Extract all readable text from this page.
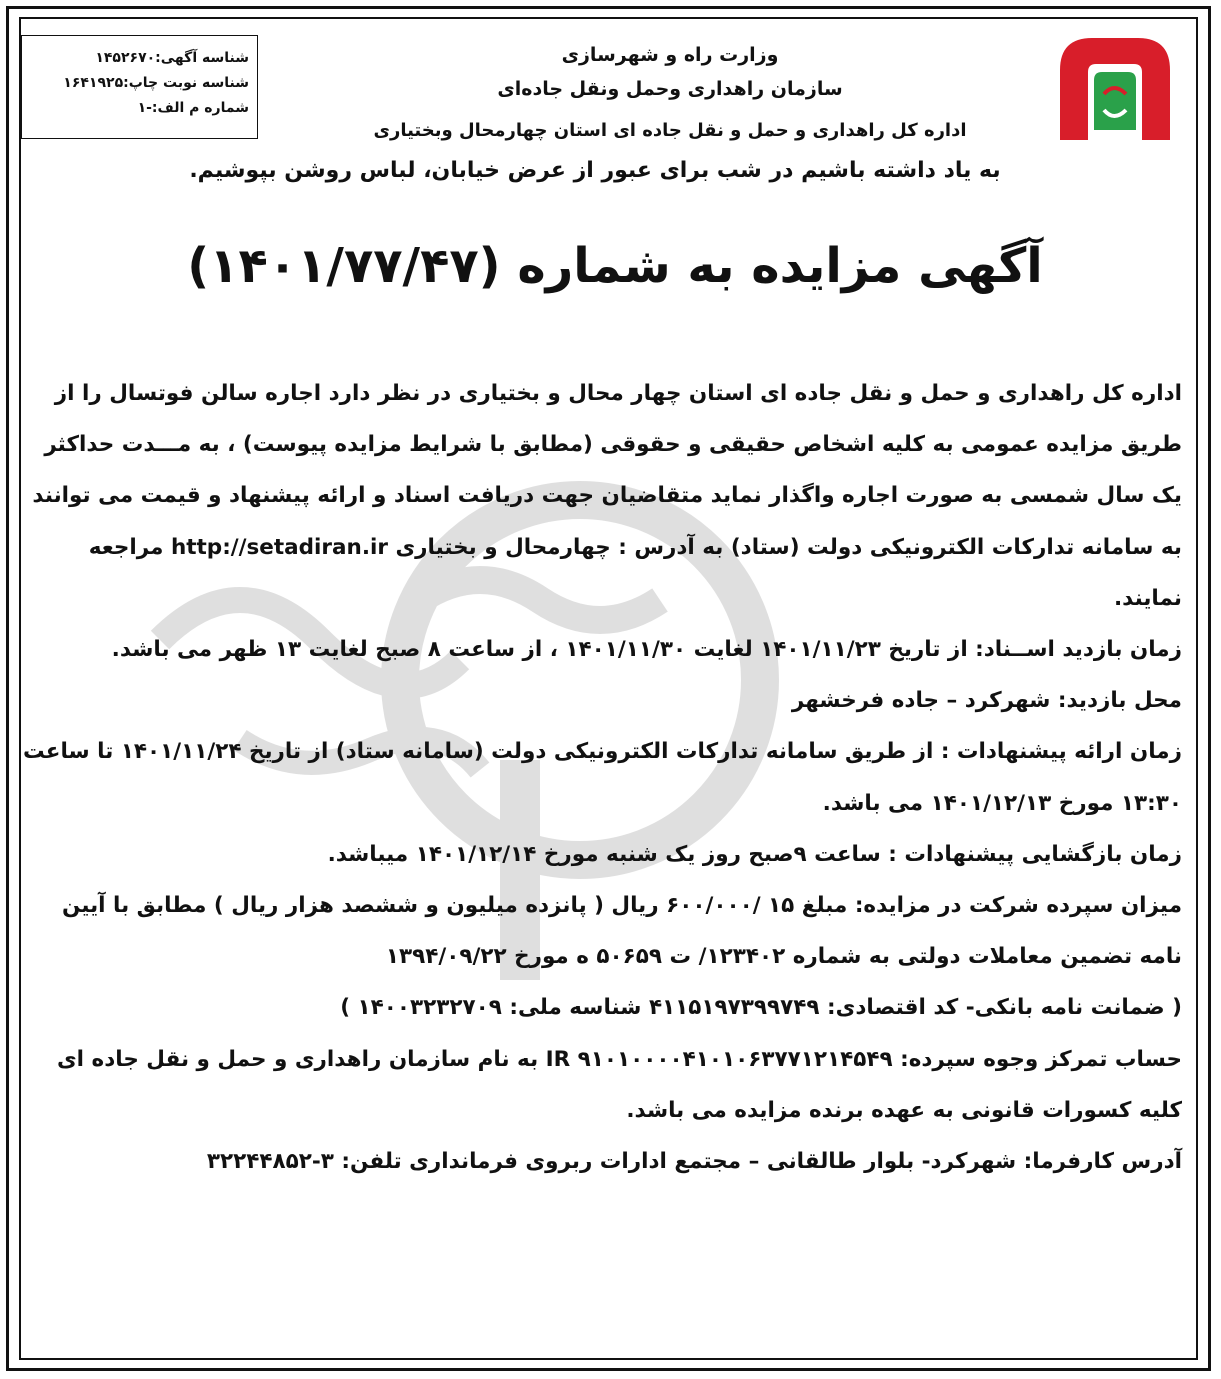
شناسه آگهی:۱۴۵۲۶۷۰
شناسه نوبت چاپ:۱۶۴۱۹۲۵
شماره م الف:-۱
وزارت راه و شهرسازی
سازمان راهداری وحمل ونقل جاده‌ای
اداره کل راهداری و حمل و نقل جاده ای استان چهارمحال وبختیاری
به یاد داشته باشیم در شب برای عبور از عرض خیابان، لباس روشن بپوشیم.
آگهی مزایده به شماره (۱۴۰۱/۷۷/۴۷)

اداره کل راهداری و حمل و نقل جاده ای استان چهار محال و بختیاری در نظر دارد اجاره سالن فوتسال را از طریق مزایده عمومی به کلیه اشخاص حقیقی و حقوقی (مطابق با شرایط مزایده پیوست) ، به مـــدت حداکثر یک سال شمسی به صورت اجاره واگذار نماید متقاضیان جهت دریافت اسناد و ارائه پیشنهاد و قیمت می توانند به سامانه تدارکات الکترونیکی دولت (ستاد) به آدرس : چهارمحال و بختیاری http://setadiran.ir مراجعه نمایند.

زمان بازدید اســناد: از تاریخ ۱۴۰۱/۱۱/۲۳ لغایت ۱۴۰۱/۱۱/۳۰ ، از ساعت ۸ صبح لغایت ۱۳ ظهر می باشد.

محل بازدید: شهرکرد – جاده فرخشهر

زمان ارائه پیشنهادات : از طریق سامانه تدارکات الکترونیکی دولت (سامانه ستاد) از تاریخ ۱۴۰۱/۱۱/۲۴ تا ساعت ۱۳:۳۰ مورخ ۱۴۰۱/۱۲/۱۳ می باشد.

زمان بازگشایی پیشنهادات : ساعت ۹صبح روز یک شنبه مورخ ۱۴۰۱/۱۲/۱۴ میباشد.

میزان سپرده شرکت در مزایده: مبلغ ۱۵ /۶۰۰/۰۰۰ ریال ( پانزده میلیون و ششصد هزار ریال ) مطابق با آیین نامه تضمین معاملات دولتی به شماره ۱۲۳۴۰۲/ ت ۵۰۶۵۹ ه مورخ ۱۳۹۴/۰۹/۲۲

( ضمانت نامه بانکی- کد اقتصادی: ۴۱۱۵۱۹۷۳۹۹۷۴۹ شناسه ملی: ۱۴۰۰۳۲۳۲۷۰۹ )

حساب تمرکز وجوه سپرده: IR ۹۱۰۱۰۰۰۰۴۱۰۱۰۶۳۷۷۱۲۱۴۵۴۹ به نام سازمان راهداری و حمل و نقل جاده ای

کلیه کسورات قانونی به عهده برنده مزایده می باشد.

آدرس کارفرما: شهرکرد- بلوار طالقانی – مجتمع ادارات ربروی فرمانداری تلفن: ۳-۳۲۲۴۴۸۵۲
